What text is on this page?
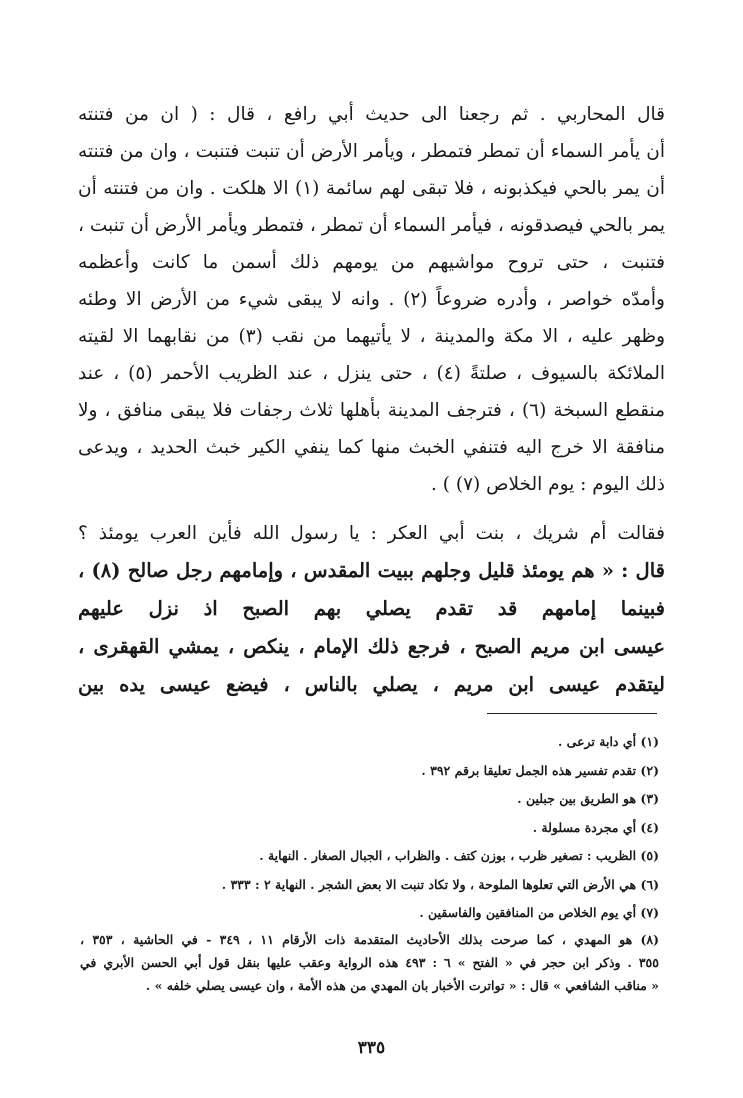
قال المحاربي . ثم رجعنا الى حديث أبي رافع ، قال : ( ان من فتنته
أن يأمر السماء أن تمطر فتمطر ، ويأمر الأرض أن تنبت فتنبت ، وان من فتنته
أن يمر بالحي فيكذبونه ، فلا تبقى لهم سائمة (١) الا هلكت . وان من فتنته أن
يمر بالحي فيصدقونه ، فيأمر السماء أن تمطر ، فتمطر ويأمر الأرض أن تنبت ،
فتنبت ، حتى تروح مواشيهم من يومهم ذلك أسمن ما كانت وأعظمه
وأمدّه خواصر ، وأدره ضروعاً (٢) . وانه لا يبقى شيء من الأرض الا وطئه
وظهر عليه ، الا مكة والمدينة ، لا يأتيهما من نقب (٣) من نقابهما الا لقيته
الملائكة بالسيوف ، صلتةً (٤) ، حتى ينزل ، عند الظريب الأحمر (٥) ، عند
منقطع السبخة (٦) ، فترجف المدينة بأهلها ثلاث رجفات فلا يبقى منافق ، ولا
منافقة الا خرج اليه فتنفي الخبث منها كما ينفي الكير خبث الحديد ، ويدعى
ذلك اليوم : يوم الخلاص (٧) ) .
فقالت أم شريك ، بنت أبي العكر : يا رسول الله فأين العرب يومئذ ؟
قال : « هم يومئذ قليل وجلهم ببيت المقدس ، وإمامهم رجل صالح (٨) ،
فبينما إمامهم قد تقدم يصلي بهم الصبح اذ نزل عليهم
عيسى ابن مريم الصبح ، فرجع ذلك الإمام ، ينكص ، يمشي القهقرى ،
ليتقدم عيسى ابن مريم ، يصلي بالناس ، فيضع عيسى يده بين
(١) أي دابة ترعى .
(٢) تقدم تفسير هذه الجمل تعليقا برقم ٣٩٢ .
(٣) هو الطريق بين جبلين .
(٤) أي مجردة مسلولة .
(٥) الظريب : تصغير ظرب ، بوزن كتف . والظراب ، الجبال الصغار . النهاية .
(٦) هي الأرض التي تعلوها الملوحة ، ولا تكاد تنبت الا بعض الشجر . النهاية ٢ : ٣٣٣ .
(٧) أي يوم الخلاص من المنافقين والفاسقين .
(٨) هو المهدي ، كما صرحت بذلك الأحاديث المتقدمة ذات الأرقام ١١ ، ٣٤٩ - في الحاشية ، ٣٥٣ ،
٣٥٥ . وذكر ابن حجر في « الفتح » ٦ : ٤٩٣ هذه الرواية وعقب عليها بنقل قول أبي الحسن الأبري في
« مناقب الشافعي » قال : « تواترت الأخبار بان المهدي من هذه الأمة ، وان عيسى يصلي خلفه » .
٣٣٥
